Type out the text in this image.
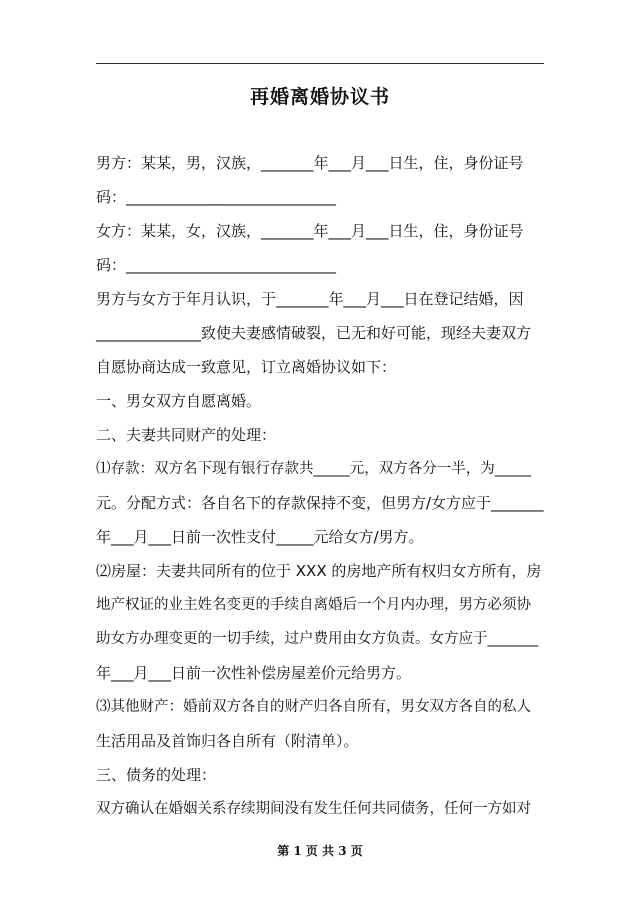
再婚离婚协议书
男方：某某，男，汉族，_______年___月___日生，住，身份证号
码：____________________________
女方：某某，女，汉族，_______年___月___日生，住，身份证号
码：____________________________
男方与女方于年月认识，于_______年___月___日在登记结婚，因
______________致使夫妻感情破裂，已无和好可能，现经夫妻双方
自愿协商达成一致意见，订立离婚协议如下：
一、男女双方自愿离婚。
二、夫妻共同财产的处理：
⑴存款：双方名下现有银行存款共_____元，双方各分一半，为_____
元。分配方式：各自名下的存款保持不变，但男方/女方应于_______
年___月___日前一次性支付_____元给女方/男方。
⑵房屋：夫妻共同所有的位于 XXX 的房地产所有权归女方所有，房
地产权证的业主姓名变更的手续自离婚后一个月内办理，男方必须协
助女方办理变更的一切手续，过户费用由女方负责。女方应于_______
年___月___日前一次性补偿房屋差价元给男方。
⑶其他财产：婚前双方各自的财产归各自所有，男女双方各自的私人
生活用品及首饰归各自所有（附清单）。
三、债务的处理：
双方确认在婚姻关系存续期间没有发生任何共同债务，任何一方如对
第 1 页 共 3 页
